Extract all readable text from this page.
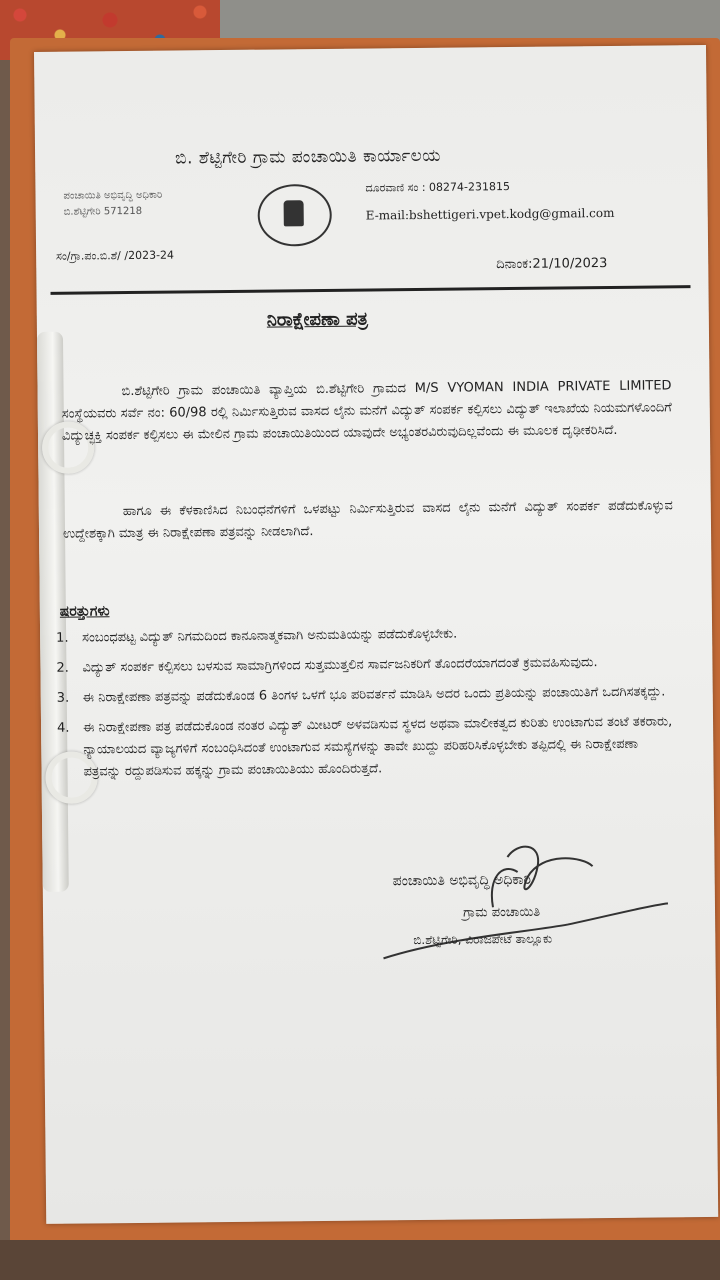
ಬಿ. ಶೆಟ್ಟಿಗೇರಿ ಗ್ರಾಮ ಪಂಚಾಯಿತಿ ಕಾರ್ಯಾಲಯ
ಪಂಚಾಯಿತಿ ಅಭಿವೃದ್ಧಿ ಅಧಿಕಾರಿ
ಬಿ.ಶೆಟ್ಟಿಗೇರಿ 571218
ದೂರವಾಣಿ ಸಂ : 08274-231815
E-mail:bshettigeri.vpet.kodg@gmail.com
ಸಂ/ಗ್ರಾ.ಪಂ.ಬಿ.ಶೆ/ /2023-24
ದಿನಾಂಕ:21/10/2023
ನಿರಾಕ್ಷೇಪಣಾ ಪತ್ರ
ಬಿ.ಶೆಟ್ಟಿಗೇರಿ ಗ್ರಾಮ ಪಂಚಾಯಿತಿ ವ್ಯಾಪ್ತಿಯ ಬಿ.ಶೆಟ್ಟಿಗೇರಿ ಗ್ರಾಮದ M/S VYOMAN INDIA PRIVATE LIMITED ಸಂಸ್ಥೆಯವರು ಸರ್ವೆ ನಂ: 60/98 ರಲ್ಲಿ ನಿರ್ಮಿಸುತ್ತಿರುವ ವಾಸದ ಲೈನು ಮನೆಗೆ ವಿದ್ಯುತ್ ಸಂಪರ್ಕ ಕಲ್ಪಿಸಲು ವಿದ್ಯುತ್ ಇಲಾಖೆಯ ನಿಯಮಗಳೊಂದಿಗೆ ವಿದ್ಯುಚ್ಛಕ್ತಿ ಸಂಪರ್ಕ ಕಲ್ಪಿಸಲು ಈ ಮೇಲಿನ ಗ್ರಾಮ ಪಂಚಾಯಿತಿಯಿಂದ ಯಾವುದೇ ಅಭ್ಯಂತರವಿರುವುದಿಲ್ಲವೆಂದು ಈ ಮೂಲಕ ದೃಢೀಕರಿಸಿದೆ.
ಹಾಗೂ ಈ ಕೆಳಕಾಣಿಸಿದ ನಿಬಂಧನೆಗಳಿಗೆ ಒಳಪಟ್ಟು ನಿರ್ಮಿಸುತ್ತಿರುವ ವಾಸದ ಲೈನು ಮನೆಗೆ ವಿದ್ಯುತ್ ಸಂಪರ್ಕ ಪಡೆದುಕೊಳ್ಳುವ ಉದ್ದೇಶಕ್ಕಾಗಿ ಮಾತ್ರ ಈ ನಿರಾಕ್ಷೇಪಣಾ ಪತ್ರವನ್ನು ನೀಡಲಾಗಿದೆ.
ಷರತ್ತುಗಳು
1. ಸಂಬಂಧಪಟ್ಟ ವಿದ್ಯುತ್ ನಿಗಮದಿಂದ ಕಾನೂನಾತ್ಮಕವಾಗಿ ಅನುಮತಿಯನ್ನು ಪಡೆದುಕೊಳ್ಳಬೇಕು.
2. ವಿದ್ಯುತ್ ಸಂಪರ್ಕ ಕಲ್ಪಿಸಲು ಬಳಸುವ ಸಾಮಾಗ್ರಿಗಳಿಂದ ಸುತ್ತಮುತ್ತಲಿನ ಸಾರ್ವಜನಿಕರಿಗೆ ತೊಂದರೆಯಾಗದಂತೆ ಕ್ರಮವಹಿಸುವುದು.
3. ಈ ನಿರಾಕ್ಷೇಪಣಾ ಪತ್ರವನ್ನು ಪಡೆದುಕೊಂಡ 6 ತಿಂಗಳ ಒಳಗೆ ಭೂ ಪರಿವರ್ತನೆ ಮಾಡಿಸಿ ಅದರ ಒಂದು ಪ್ರತಿಯನ್ನು ಪಂಚಾಯಿತಿಗೆ ಒದಗಿಸತಕ್ಕದ್ದು.
4. ಈ ನಿರಾಕ್ಷೇಪಣಾ ಪತ್ರ ಪಡೆದುಕೊಂಡ ನಂತರ ವಿದ್ಯುತ್ ಮೀಟರ್ ಅಳವಡಿಸುವ ಸ್ಥಳದ ಅಥವಾ ಮಾಲೀಕತ್ವದ ಕುರಿತು ಉಂಟಾಗುವ ತಂಟೆ ತಕರಾರು, ನ್ಯಾಯಾಲಯದ ವ್ಯಾಜ್ಯಗಳಿಗೆ ಸಂಬಂಧಿಸಿದಂತೆ ಉಂಟಾಗುವ ಸಮಸ್ಯೆಗಳನ್ನು ತಾವೇ ಖುದ್ದು ಪರಿಹರಿಸಿಕೊಳ್ಳಬೇಕು ತಪ್ಪಿದಲ್ಲಿ ಈ ನಿರಾಕ್ಷೇಪಣಾ ಪತ್ರವನ್ನು ರದ್ದುಪಡಿಸುವ ಹಕ್ಕನ್ನು ಗ್ರಾಮ ಪಂಚಾಯಿತಿಯು ಹೊಂದಿರುತ್ತದೆ.
ಪಂಚಾಯಿತಿ ಅಭಿವೃದ್ಧಿ ಅಧಿಕಾರಿ
ಗ್ರಾಮ ಪಂಚಾಯಿತಿ
ಬಿ.ಶೆಟ್ಟಿಗೇರಿ, ವಿರಾಜಪೇಟೆ ತಾಲ್ಲೂಕು
